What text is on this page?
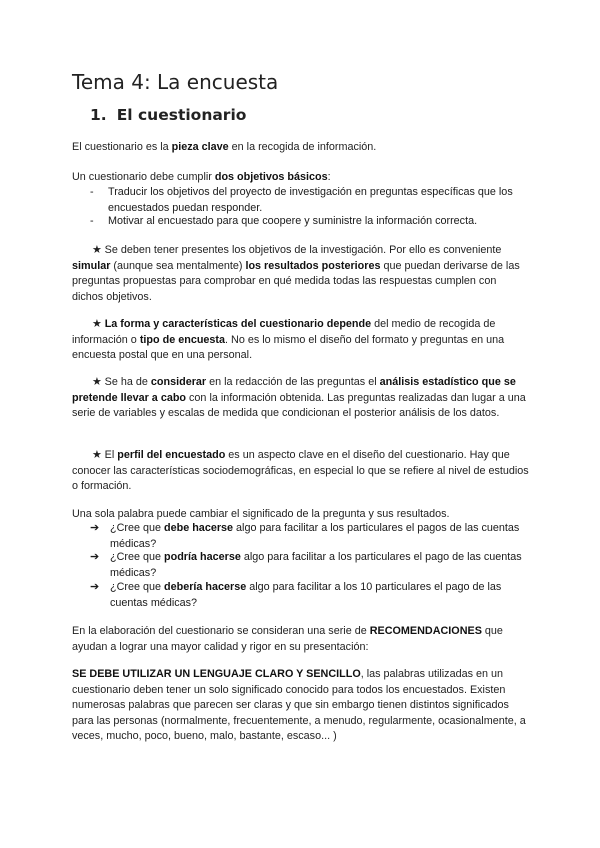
Tema 4: La encuesta
1. El cuestionario

El cuestionario es la pieza clave en la recogida de información.

Un cuestionario debe cumplir dos objetivos básicos:

-	Traducir los objetivos del proyecto de investigación en preguntas específicas que los encuestados puedan responder.
-	Motivar al encuestado para que coopere y suministre la información correcta.

★ Se deben tener presentes los objetivos de la investigación. Por ello es conveniente simular (aunque sea mentalmente) los resultados posteriores que puedan derivarse de las preguntas propuestas para comprobar en qué medida todas las respuestas cumplen con dichos objetivos.

★ La forma y características del cuestionario depende del medio de recogida de información o tipo de encuesta. No es lo mismo el diseño del formato y preguntas en una encuesta postal que en una personal.

★ Se ha de considerar en la redacción de las preguntas el análisis estadístico que se pretende llevar a cabo con la información obtenida. Las preguntas realizadas dan lugar a una serie de variables y escalas de medida que condicionan el posterior análisis de los datos.

★ El perfil del encuestado es un aspecto clave en el diseño del cuestionario. Hay que conocer las características sociodemográficas, en especial lo que se refiere al nivel de estudios o formación.

Una sola palabra puede cambiar el significado de la pregunta y sus resultados.

➔	¿Cree que debe hacerse algo para facilitar a los particulares el pagos de las cuentas médicas?
➔	¿Cree que podría hacerse algo para facilitar a los particulares el pago de las cuentas médicas?
➔	¿Cree que debería hacerse algo para facilitar a los 10 particulares el pago de las cuentas médicas?

En la elaboración del cuestionario se consideran una serie de RECOMENDACIONES que ayudan a lograr una mayor calidad y rigor en su presentación:

SE DEBE UTILIZAR UN LENGUAJE CLARO Y SENCILLO, las palabras utilizadas en un cuestionario deben tener un solo significado conocido para todos los encuestados. Existen numerosas palabras que parecen ser claras y que sin embargo tienen distintos significados para las personas (normalmente, frecuentemente, a menudo, regularmente, ocasionalmente, a veces, mucho, poco, bueno, malo, bastante, escaso... )
